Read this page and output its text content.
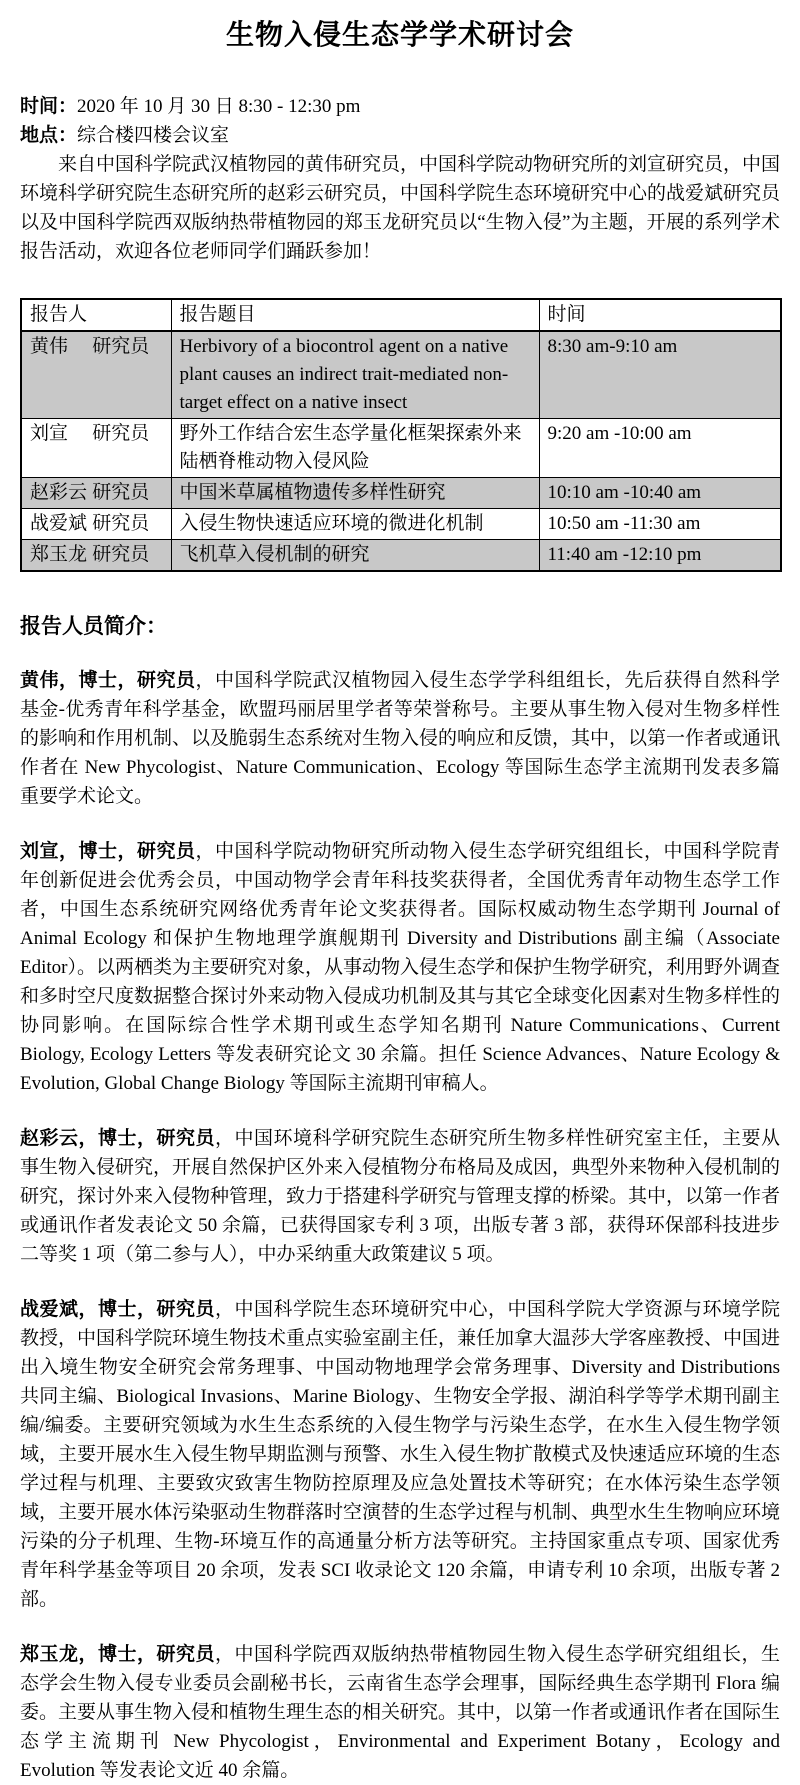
生物入侵生态学学术研讨会

时间：2020 年 10 月 30 日 8:30 - 12:30 pm

地点：综合楼四楼会议室

来自中国科学院武汉植物园的黄伟研究员，中国科学院动物研究所的刘宣研究员，中国环境科学研究院生态研究所的赵彩云研究员，中国科学院生态环境研究中心的战爱斌研究员以及中国科学院西双版纳热带植物园的郑玉龙研究员以“生物入侵”为主题，开展的系列学术报告活动，欢迎各位老师同学们踊跃参加！

报告人	报告题目	时间
黄伟　 研究员	Herbivory of a biocontrol agent on a native plant causes an indirect trait-mediated non-target effect on a native insect	8:30 am-9:10 am
刘宣　 研究员	野外工作结合宏生态学量化框架探索外来陆栖脊椎动物入侵风险	9:20 am -10:00 am
赵彩云 研究员	中国米草属植物遗传多样性研究	10:10 am -10:40 am
战爱斌 研究员	入侵生物快速适应环境的微进化机制	10:50 am -11:30 am
郑玉龙 研究员	飞机草入侵机制的研究	11:40 am -12:10 pm
报告人员简介：

黄伟，博士，研究员，中国科学院武汉植物园入侵生态学学科组组长，先后获得自然科学基金-优秀青年科学基金，欧盟玛丽居里学者等荣誉称号。主要从事生物入侵对生物多样性的影响和作用机制、以及脆弱生态系统对生物入侵的响应和反馈，其中，以第一作者或通讯作者在 New Phycologist、Nature Communication、Ecology 等国际生态学主流期刊发表多篇重要学术论文。

刘宣，博士，研究员，中国科学院动物研究所动物入侵生态学研究组组长，中国科学院青年创新促进会优秀会员，中国动物学会青年科技奖获得者，全国优秀青年动物生态学工作者，中国生态系统研究网络优秀青年论文奖获得者。国际权威动物生态学期刊 Journal of Animal Ecology 和保护生物地理学旗舰期刊 Diversity and Distributions 副主编（Associate Editor）。以两栖类为主要研究对象，从事动物入侵生态学和保护生物学研究，利用野外调查和多时空尺度数据整合探讨外来动物入侵成功机制及其与其它全球变化因素对生物多样性的协同影响。在国际综合性学术期刊或生态学知名期刊 Nature Communications、Current Biology, Ecology Letters 等发表研究论文 30 余篇。担任 Science Advances、Nature Ecology & Evolution, Global Change Biology 等国际主流期刊审稿人。

赵彩云，博士，研究员，中国环境科学研究院生态研究所生物多样性研究室主任，主要从事生物入侵研究，开展自然保护区外来入侵植物分布格局及成因，典型外来物种入侵机制的研究，探讨外来入侵物种管理，致力于搭建科学研究与管理支撑的桥梁。其中，以第一作者或通讯作者发表论文 50 余篇，已获得国家专利 3 项，出版专著 3 部，获得环保部科技进步二等奖 1 项（第二参与人），中办采纳重大政策建议 5 项。

战爱斌，博士，研究员，中国科学院生态环境研究中心，中国科学院大学资源与环境学院教授，中国科学院环境生物技术重点实验室副主任，兼任加拿大温莎大学客座教授、中国进出入境生物安全研究会常务理事、中国动物地理学会常务理事、Diversity and Distributions 共同主编、Biological Invasions、Marine Biology、生物安全学报、湖泊科学等学术期刊副主编/编委。主要研究领域为水生生态系统的入侵生物学与污染生态学，在水生入侵生物学领域，主要开展水生入侵生物早期监测与预警、水生入侵生物扩散模式及快速适应环境的生态学过程与机理、主要致灾致害生物防控原理及应急处置技术等研究；在水体污染生态学领域，主要开展水体污染驱动生物群落时空演替的生态学过程与机制、典型水生生物响应环境污染的分子机理、生物-环境互作的高通量分析方法等研究。主持国家重点专项、国家优秀青年科学基金等项目 20 余项，发表 SCI 收录论文 120 余篇，申请专利 10 余项，出版专著 2 部。

郑玉龙，博士，研究员，中国科学院西双版纳热带植物园生物入侵生态学研究组组长，生态学会生物入侵专业委员会副秘书长，云南省生态学会理事，国际经典生态学期刊 Flora 编委。主要从事生物入侵和植物生理生态的相关研究。其中，以第一作者或通讯作者在国际生态学主流期刊 New Phycologist，Environmental and Experiment Botany，Ecology and Evolution 等发表论文近 40 余篇。
